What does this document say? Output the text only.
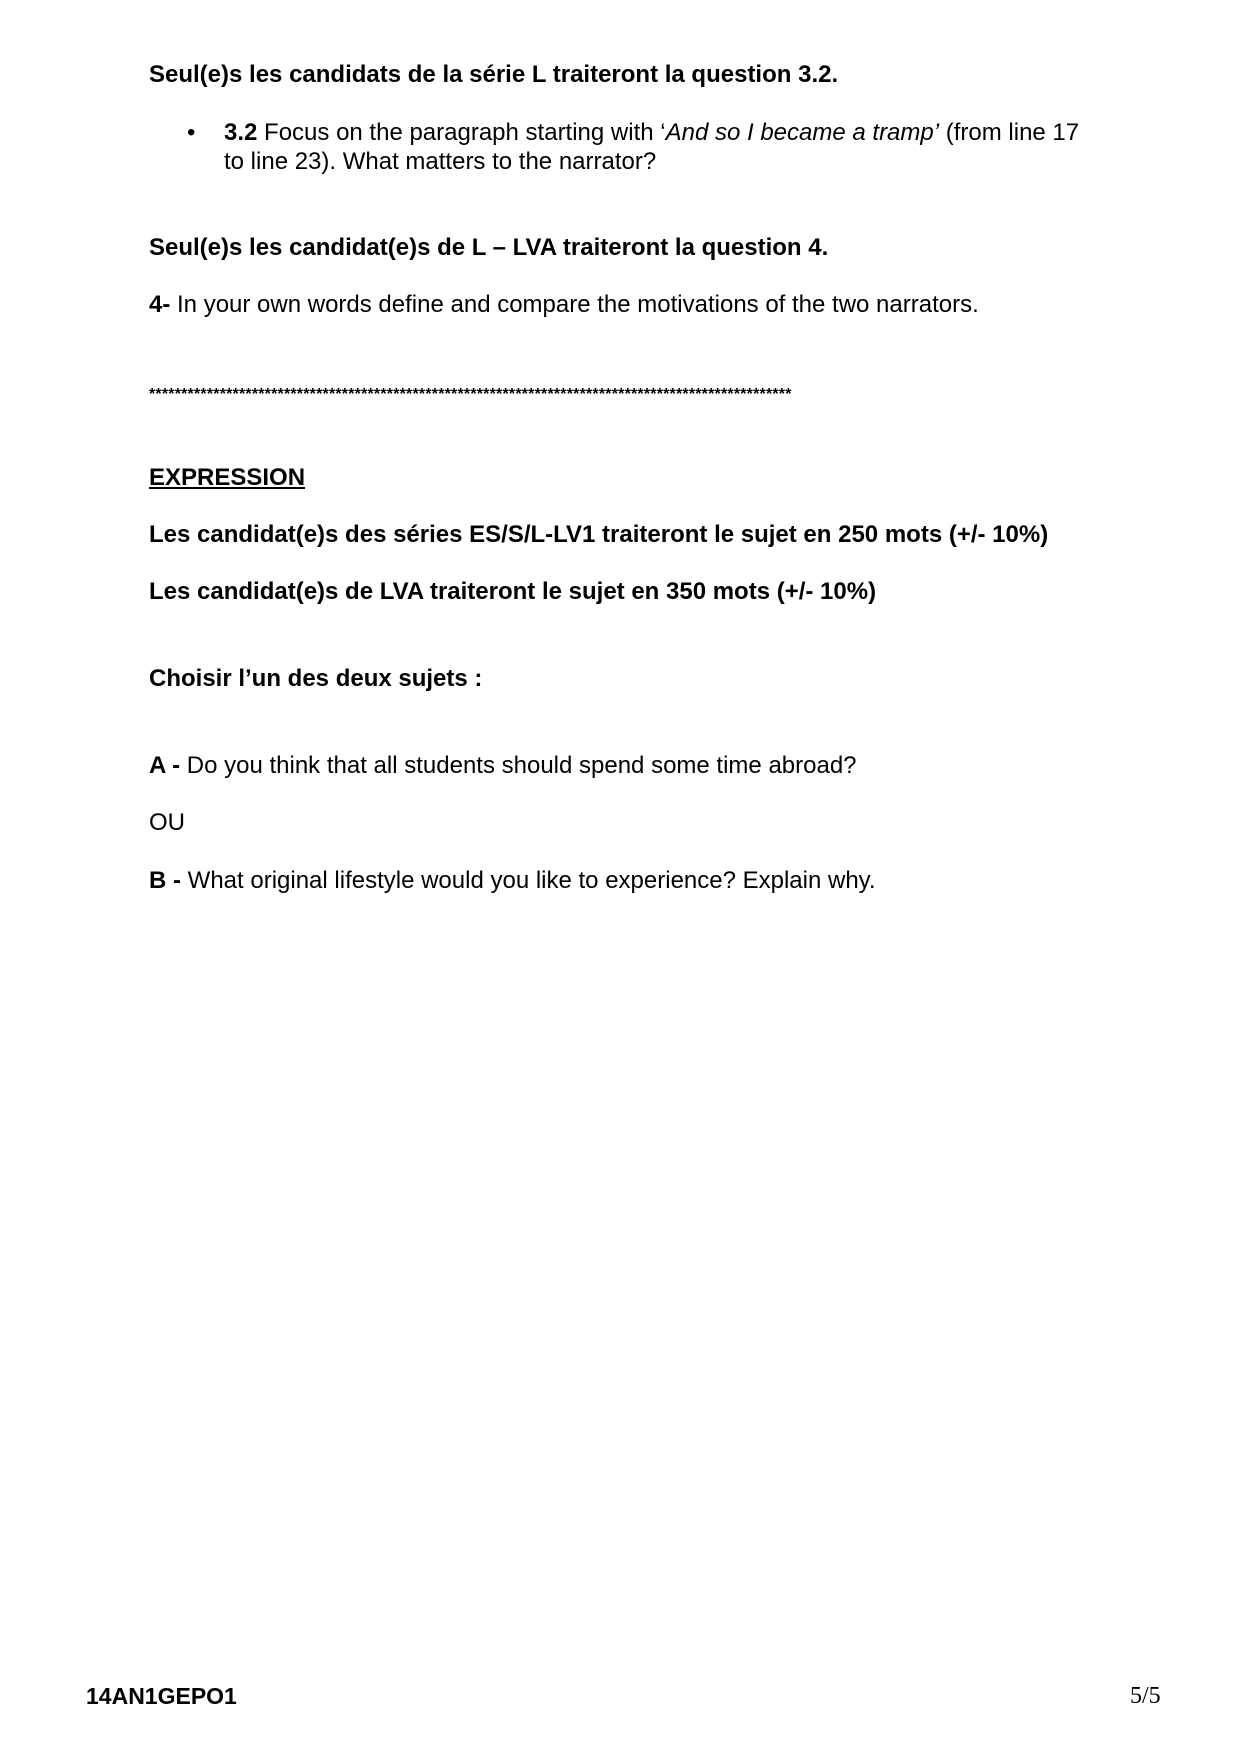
Seul(e)s les candidats de la série L traiteront la question 3.2.
• 3.2 Focus on the paragraph starting with ‘And so I became a tramp’ (from line 17 to line 23). What matters to the narrator?
Seul(e)s les candidat(e)s de L – LVA traiteront la question 4.
4- In your own words define and compare the motivations of the two narrators.
****************************************************************************************************
EXPRESSION
Les candidat(e)s des séries ES/S/L-LV1 traiteront le sujet en 250 mots (+/- 10%)
Les candidat(e)s de LVA traiteront le sujet en 350 mots (+/- 10%)
Choisir l’un des deux sujets :
A - Do you think that all students should spend some time abroad?
OU
B - What original lifestyle would you like to experience? Explain why.
14AN1GEPO1	5/5
